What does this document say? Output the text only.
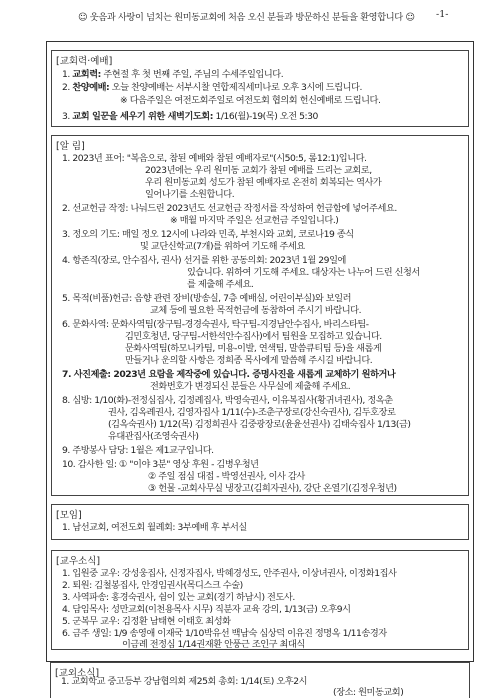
☺ 웃음과 사랑이 넘치는 원미동교회에 처음 오신 분들과 방문하신 분들을 환영합니다 ☺ -1-
[교회력·예배]
1. 교회력: 주현절 후 첫 번째 주일, 주님의 수세주일입니다.
2. 찬양예배: 오늘 찬양예배는 서부시찰 연합제직세미나로 오후 3시에 드립니다.
※ 다음주일은 여전도회주일로 여전도회 협의회 헌신예배로 드립니다.
3. 교회 일꾼을 세우기 위한 새벽기도회: 1/16(월)-19(목) 오전 5:30
[알 림]
1. 2023년 표어: "복음으로, 참된 예배와 참된 예배자로"(시50:5, 롬12:1)입니다.
2023년에는 우리 원미동 교회가 참된 예배를 드리는 교회로,
우리 원미동교회 성도가 참된 예배자로 온전히 회복되는 역사가
일어나기를 소원합니다.
2. 선교헌금 작정: 나눠드린 2023년도 선교헌금 작정서를 작성하여 헌금함에 넣어주세요.
※ 매월 마지막 주일은 선교헌금 주일입니다.)
3. 정오의 기도: 매일 정오 12시에 나라와 민족, 부천시와 교회, 코로나19 종식
및 교단신학교(7개)를 위하여 기도해 주세요
4. 항존직(장로, 안수집사, 권사) 선거를 위한 공동의회: 2023년 1월 29일에
있습니다. 위하여 기도해 주세요. 대상자는 나누어 드린 신청서
를 제출해 주세요.
5. 목적(비품)헌금: 음향 관련 장비(방송실, 7층 예배실, 어린이부실)와 보일러
교체 등에 필요한 목적헌금에 동참하여 주시기 바랍니다.
6. 문화사역: 문화사역팀(장구팀-경경숙권사, 탁구팀-지경남안수집사, 바리스타팀-
김민호청년, 당구팀-서한석안수집사)에서 팀원을 모집하고 있습니다.
문화사역팀(하모니카팀, 미용-이발, 연색팀, 말씀큐티팀 등)을 새롭게
만들거나 운의할 사항은 정희종 목사에게 말씀해 주시길 바랍니다.
7. 사진제출: 2023년 요람을 제작중에 있습니다. 증명사진을 새롭게 교체하기 원하거나
전화번호가 변경되신 분들은 사무실에 제출해 주세요.
8. 심방: 1/10(화)-전정심집사, 김정례집사, 박영숙권사, 이유복집사(황귀녀권사), 정옥춘
권사, 김옥례권사, 김영자집사 1/11(수)-조춘구장로(강신숙권사), 김두호장로
(김옥숙권사) 1/12(목) 김정희권사 김중광장로(윤윤선권사) 김태숙집사 1/13(금)
유대관집사(조영숙권사)
9. 주방봉사 담당: 1월은 제1교구입니다.
10. 감사한 일: ① "이야 3분" 영상 후원 - 김병우청년
② 주일 점심 대접 - 박영선권사, 이사 감사
③ 헌물 -교회사무실 냉장고(김희자권사), 강단 온열기(김정우청년)
[모임]
1. 남선교회, 여전도회 월례회: 3부예배 후 부서실
[교우소식]
1. 입원중 교우: 강성웅집사, 신정자집사, 박혜경성도, 안주권사, 이상녀권사, 이정화1집사
2. 퇴원: 김철봉집사, 안경임권사(목디스크 수술)
3. 사역파송: 홍경숙권사, 쉼이 있는 교회(경기 하남시) 전도사.
4. 담임목사: 성만교회(이천용목사 시무) 직분자 교육 강의, 1/13(금) 오후9시
5. 군복무 교우: 김정환 남태현 이태호 최성화
6. 금주 생일: 1/9 송영애 이재국 1/10박유선 백남숙 심상덕 이유진 정명옥 1/11송경자
이금례 전정심 1/14권재환 안풍근 조인구 최대식
[교외소식]
1. 교회학교 중고등부 강남협의회 제25회 총회: 1/14(토) 오후2시
(장소: 원미동교회)
